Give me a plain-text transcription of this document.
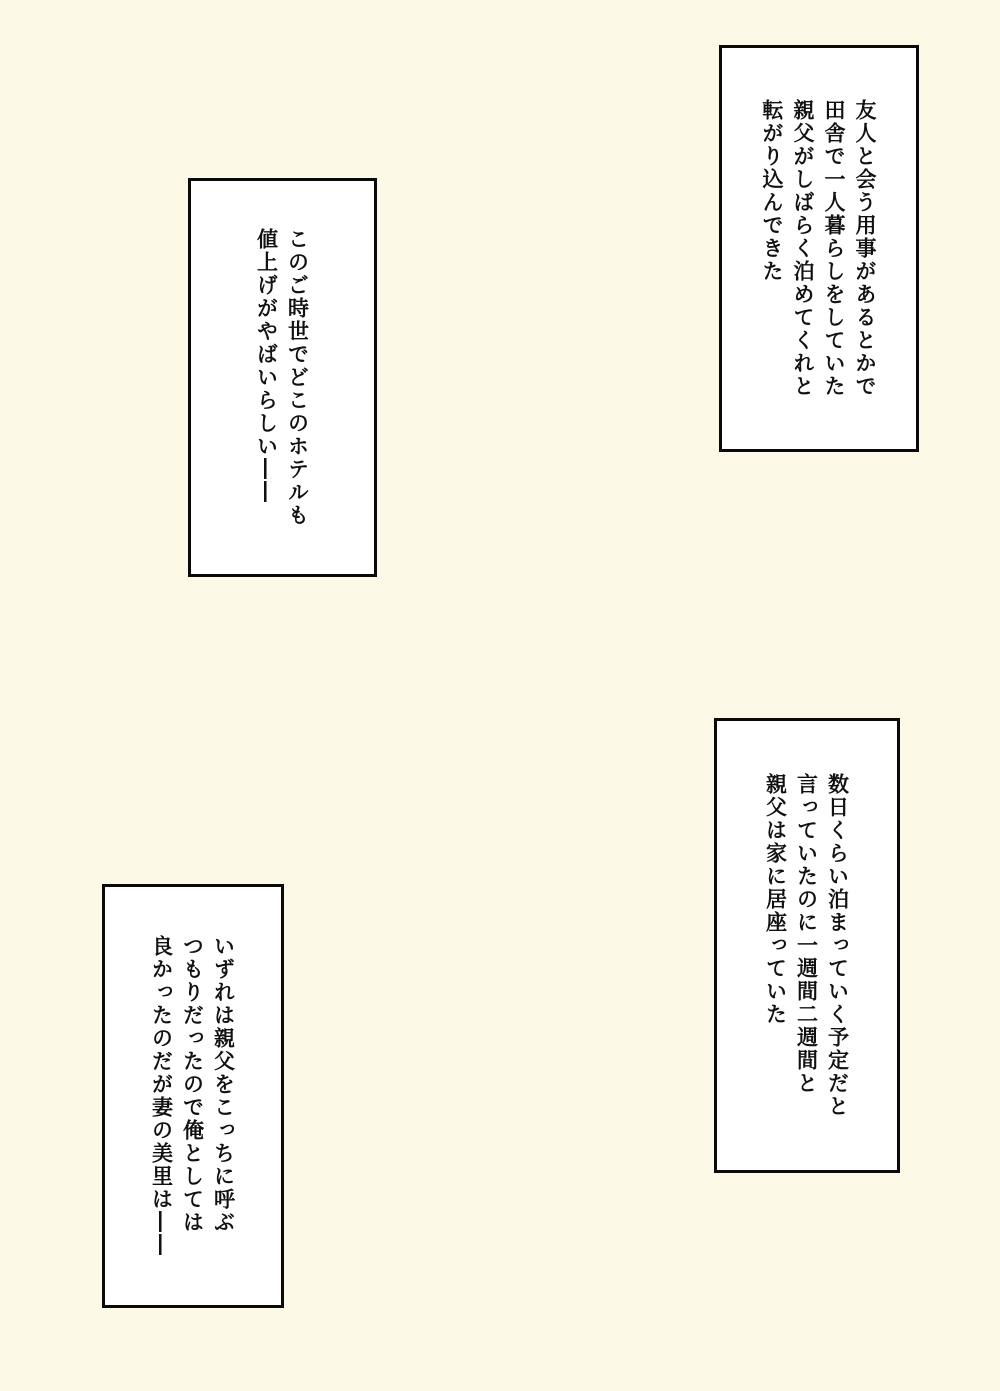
友人と会う用事があるとかで
田舎で一人暮らしをしていた
親父がしばらく泊めてくれと
転がり込んできた
このご時世でどこのホテルも
値上げがやばいらしい――
数日くらい泊まっていく予定だと
言っていたのに一週間二週間と
親父は家に居座っていた
いずれは親父をこっちに呼ぶ
つもりだったので俺としては
良かったのだが妻の美里は――
